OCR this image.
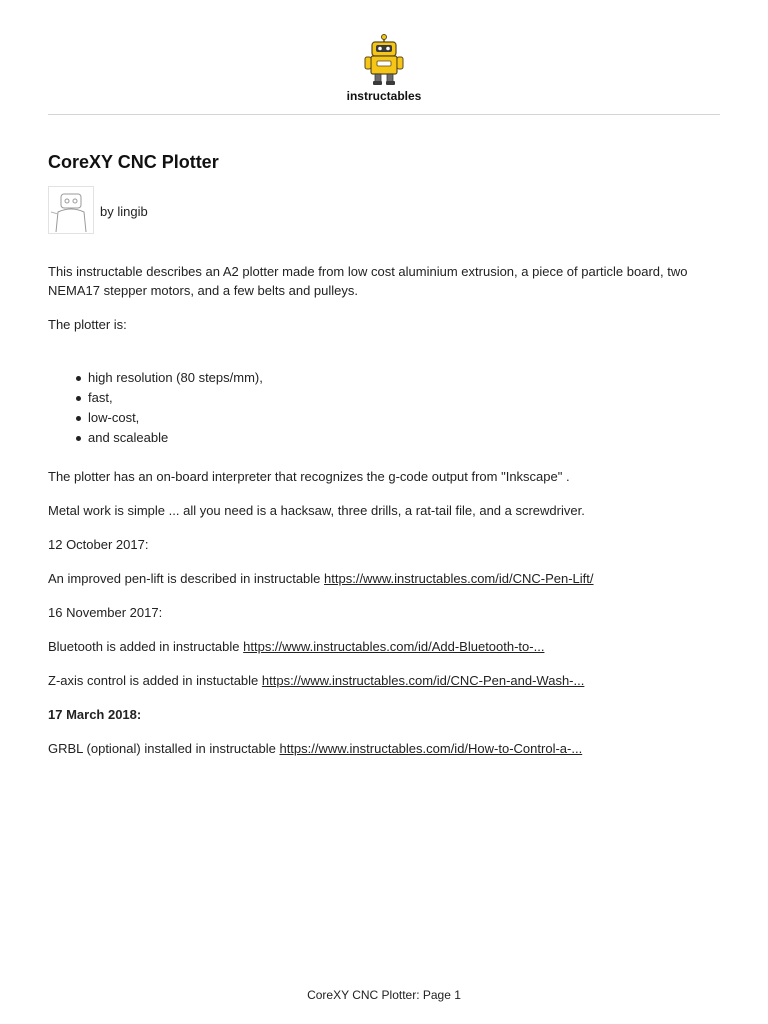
instructables
CoreXY CNC Plotter
by lingib

This instructable describes an A2 plotter made from low cost aluminium extrusion, a piece of particle board, two NEMA17 stepper motors, and a few belts and pulleys.

The plotter is:

high resolution (80 steps/mm),
fast,
low-cost,
and scaleable

The plotter has an on-board interpreter that recognizes the g-code output from "Inkscape" .

Metal work is simple ... all you need is a hacksaw, three drills, a rat-tail file, and a screwdriver.

12 October 2017:

An improved pen-lift is described in instructable https://www.instructables.com/id/CNC-Pen-Lift/

16 November 2017:

Bluetooth is added in instructable https://www.instructables.com/id/Add-Bluetooth-to-...

Z-axis control is added in instuctable https://www.instructables.com/id/CNC-Pen-and-Wash-...

17 March 2018:

GRBL (optional) installed in instructable https://www.instructables.com/id/How-to-Control-a-...

CoreXY CNC Plotter: Page 1
